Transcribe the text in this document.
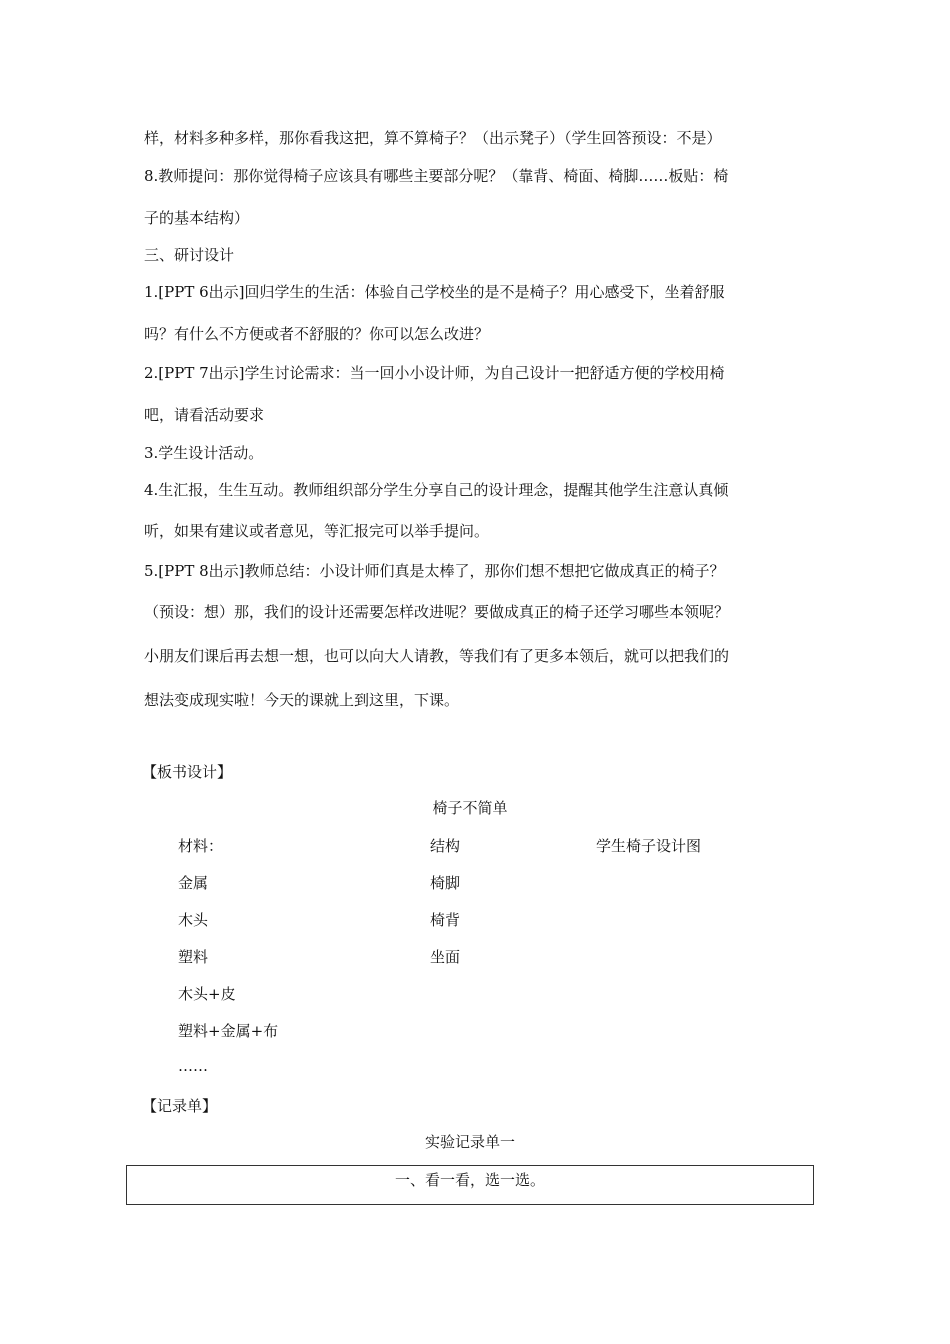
样，材料多种多样，那你看我这把，算不算椅子？（出示凳子）（学生回答预设：不是）
8.教师提问：那你觉得椅子应该具有哪些主要部分呢？（靠背、椅面、椅脚……板贴：椅
子的基本结构）
三、研讨设计
1.[PPT 6出示]回归学生的生活：体验自己学校坐的是不是椅子？用心感受下，坐着舒服
吗？有什么不方便或者不舒服的？你可以怎么改进？
2.[PPT 7出示]学生讨论需求：当一回小小设计师，为自己设计一把舒适方便的学校用椅
吧，请看活动要求
3.学生设计活动。
4.生汇报，生生互动。教师组织部分学生分享自己的设计理念，提醒其他学生注意认真倾
听，如果有建议或者意见，等汇报完可以举手提问。
5.[PPT 8出示]教师总结：小设计师们真是太棒了，那你们想不想把它做成真正的椅子？
（预设：想）那，我们的设计还需要怎样改进呢？要做成真正的椅子还学习哪些本领呢？
小朋友们课后再去想一想，也可以向大人请教，等我们有了更多本领后，就可以把我们的
想法变成现实啦！今天的课就上到这里，下课。
【板书设计】
椅子不简单
材料：	结构	学生椅子设计图
金属	椅脚
木头	椅背
塑料	坐面
木头+皮
塑料+金属+布
……
【记录单】
实验记录单一
一、看一看，选一选。
